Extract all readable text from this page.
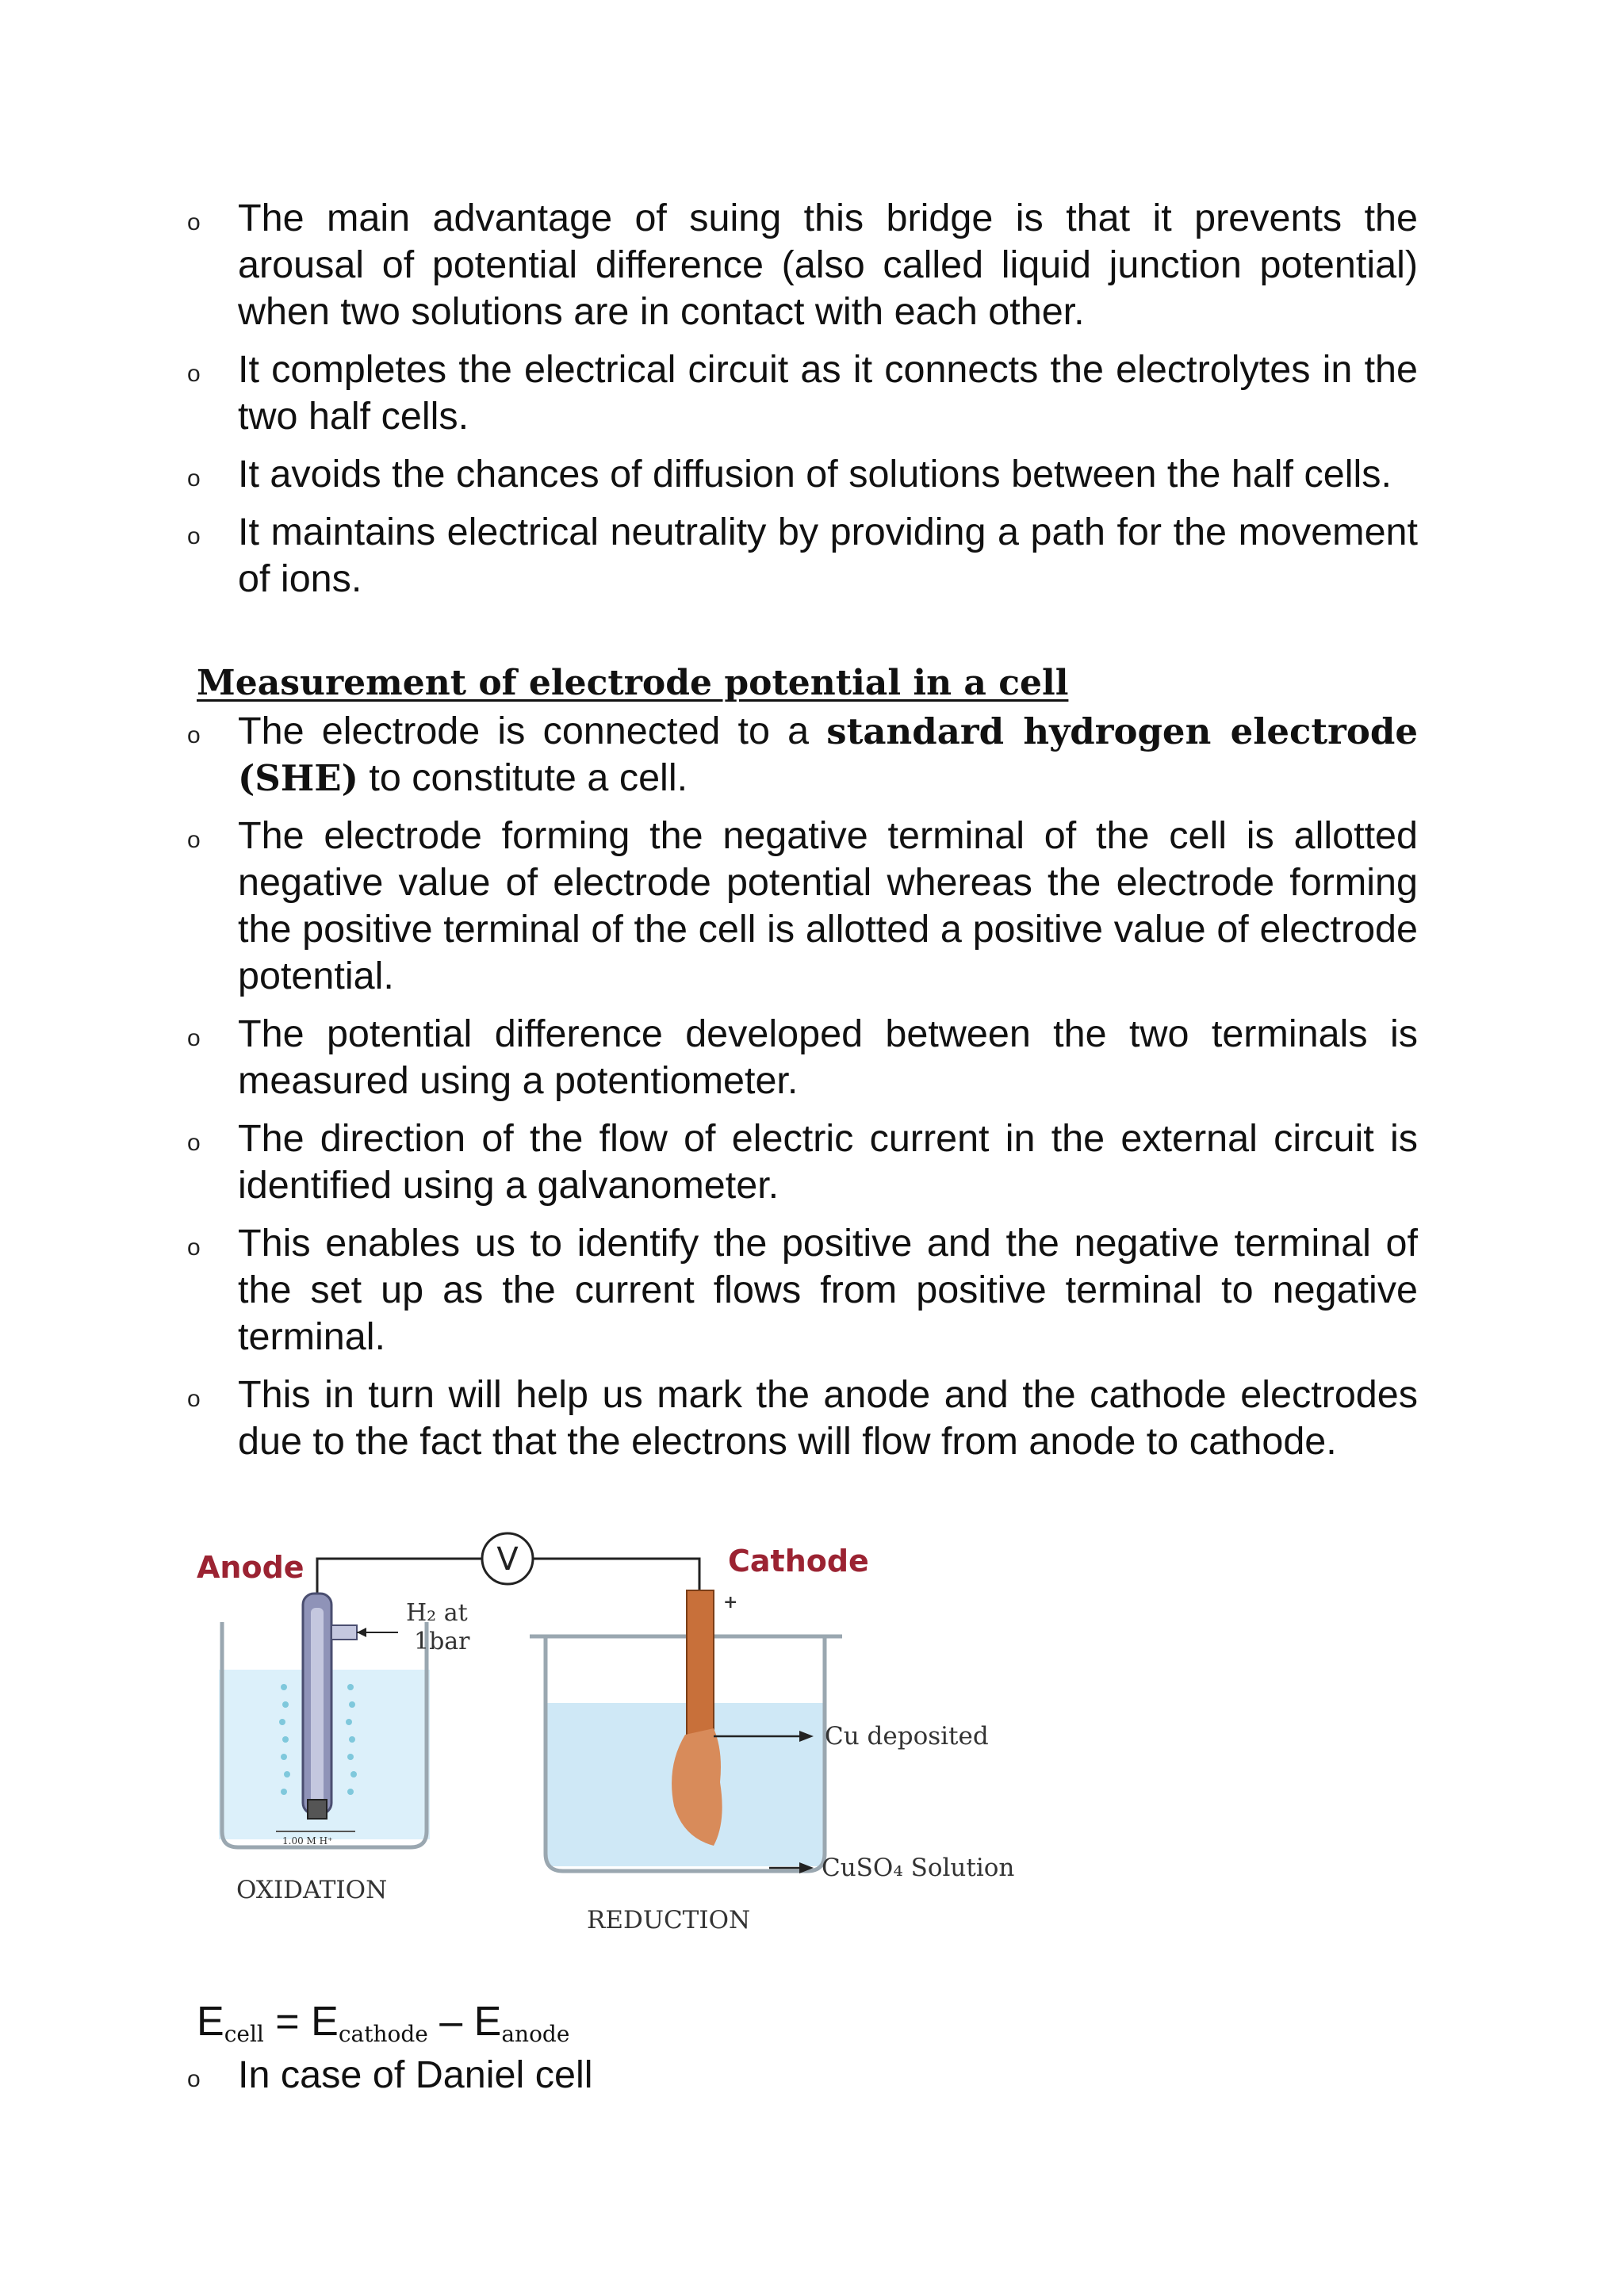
o The main advantage of suing this bridge is that it prevents the arousal of potential difference (also called liquid junction potential) when two solutions are in contact with each other.
o It completes the electrical circuit as it connects the electrolytes in the two half cells.
o It avoids the chances of diffusion of solutions between the half cells.
o It maintains electrical neutrality by providing a path for the movement of ions.
Measurement of electrode potential in a cell
o The electrode is connected to a standard hydrogen electrode (SHE) to constitute a cell.
o The electrode forming the negative terminal of the cell is allotted negative value of electrode potential whereas the electrode forming the positive terminal of the cell is allotted a positive value of electrode potential.
o The potential difference developed between the two terminals is measured using a potentiometer.
o The direction of the flow of electric current in the external circuit is identified using a galvanometer.
o This enables us to identify the positive and the negative terminal of the set up as the current flows from positive terminal to negative terminal.
o This in turn will help us mark the anode and the cathode electrodes due to the fact that the electrons will flow from anode to cathode.
V
Anode
H₂ at
1bar
1.00 M H⁺
OXIDATION
+
Cathode
Cu deposited
CuSO₄ Solution
REDUCTION
$E_{cell} = E_{cathode} - E_{anode}$
o In case of Daniel cell
